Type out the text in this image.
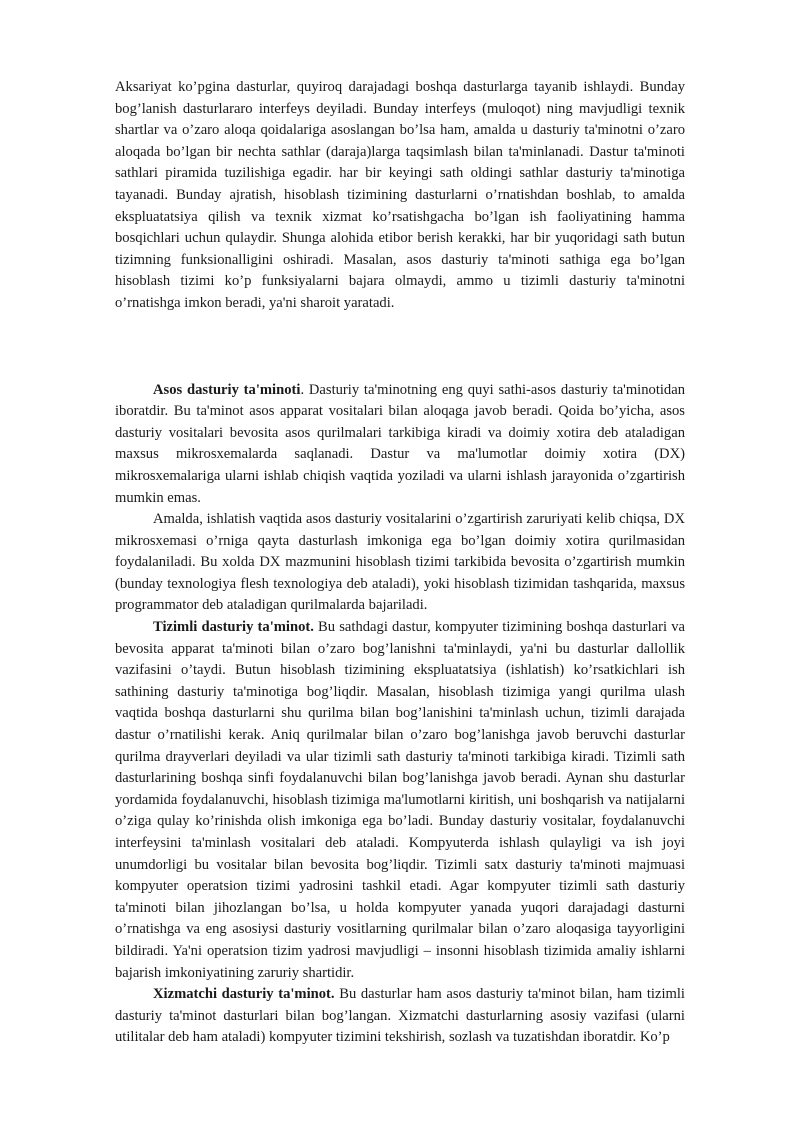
Aksariyat ko’pgina dasturlar, quyiroq darajadagi boshqa dasturlarga tayanib ishlaydi. Bunday bog’lanish dasturlararo interfeys deyiladi. Bunday interfeys (muloqot) ning mavjudligi texnik shartlar va o’zaro aloqa qoidalariga asoslangan bo’lsa ham, amalda u dasturiy ta'minotni o’zaro aloqada bo’lgan bir nechta sathlar (daraja)larga taqsimlash bilan ta'minlanadi. Dastur ta'minoti sathlari piramida tuzilishiga egadir. har bir keyingi sath oldingi sathlar dasturiy ta'minotiga tayanadi. Bunday ajratish, hisoblash tizimining dasturlarni o’rnatishdan boshlab, to amalda ekspluatatsiya qilish va texnik xizmat ko’rsatishgacha bo’lgan ish faoliyatining hamma bosqichlari uchun qulaydir. Shunga alohida etibor berish kerakki, har bir yuqoridagi sath butun tizimning funksionalligini oshiradi. Masalan, asos dasturiy ta'minoti sathiga ega bo’lgan hisoblash tizimi ko’p funksiyalarni bajara olmaydi, ammo u tizimli dasturiy ta'minotni o’rnatishga imkon beradi, ya'ni sharoit yaratadi.

Asos dasturiy ta'minoti. Dasturiy ta'minotning eng quyi sathi-asos dasturiy ta'minotidan iboratdir. Bu ta'minot asos apparat vositalari bilan aloqaga javob beradi. Qoida bo’yicha, asos dasturiy vositalari bevosita asos qurilmalari tarkibiga kiradi va doimiy xotira deb ataladigan maxsus mikrosxemalarda saqlanadi. Dastur va ma'lumotlar doimiy xotira (DX) mikrosxemalariga ularni ishlab chiqish vaqtida yoziladi va ularni ishlash jarayonida o’zgartirish mumkin emas.

Amalda, ishlatish vaqtida asos dasturiy vositalarini o’zgartirish zaruriyati kelib chiqsa, DX mikrosxemasi o’rniga qayta dasturlash imkoniga ega bo’lgan doimiy xotira qurilmasidan foydalaniladi. Bu xolda DX mazmunini hisoblash tizimi tarkibida bevosita o’zgartirish mumkin (bunday texnologiya flesh texnologiya deb ataladi), yoki hisoblash tizimidan tashqarida, maxsus programmator deb ataladigan qurilmalarda bajariladi.

Tizimli dasturiy ta'minot. Bu sathdagi dastur, kompyuter tizimining boshqa dasturlari va bevosita apparat ta'minoti bilan o’zaro bog’lanishni ta'minlaydi, ya'ni bu dasturlar dallollik vazifasini o’taydi. Butun hisoblash tizimining ekspluatatsiya (ishlatish) ko’rsatkichlari ish sathining dasturiy ta'minotiga bog’liqdir. Masalan, hisoblash tizimiga yangi qurilma ulash vaqtida boshqa dasturlarni shu qurilma bilan bog’lanishini ta'minlash uchun, tizimli darajada dastur o’rnatilishi kerak. Aniq qurilmalar bilan o’zaro bog’lanishga javob beruvchi dasturlar qurilma drayverlari deyiladi va ular tizimli sath dasturiy ta'minoti tarkibiga kiradi. Tizimli sath dasturlarining boshqa sinfi foydalanuvchi bilan bog’lanishga javob beradi. Aynan shu dasturlar yordamida foydalanuvchi, hisoblash tizimiga ma'lumotlarni kiritish, uni boshqarish va natijalarni o’ziga qulay ko’rinishda olish imkoniga ega bo’ladi. Bunday dasturiy vositalar, foydalanuvchi interfeysini ta'minlash vositalari deb ataladi. Kompyuterda ishlash qulayligi va ish joyi unumdorligi bu vositalar bilan bevosita bog’liqdir. Tizimli satx dasturiy ta'minoti majmuasi kompyuter operatsion tizimi yadrosini tashkil etadi. Agar kompyuter tizimli sath dasturiy ta'minoti bilan jihozlangan bo’lsa, u holda kompyuter yanada yuqori darajadagi dasturni o’rnatishga va eng asosiysi dasturiy vositlarning qurilmalar bilan o’zaro aloqasiga tayyorligini bildiradi. Ya'ni operatsion tizim yadrosi mavjudligi – insonni hisoblash tizimida amaliy ishlarni bajarish imkoniyatining zaruriy shartidir.

Xizmatchi dasturiy ta'minot. Bu dasturlar ham asos dasturiy ta'minot bilan, ham tizimli dasturiy ta'minot dasturlari bilan bog’langan. Xizmatchi dasturlarning asosiy vazifasi (ularni utilitalar deb ham ataladi) kompyuter tizimini tekshirish, sozlash va tuzatishdan iboratdir. Ko’p
